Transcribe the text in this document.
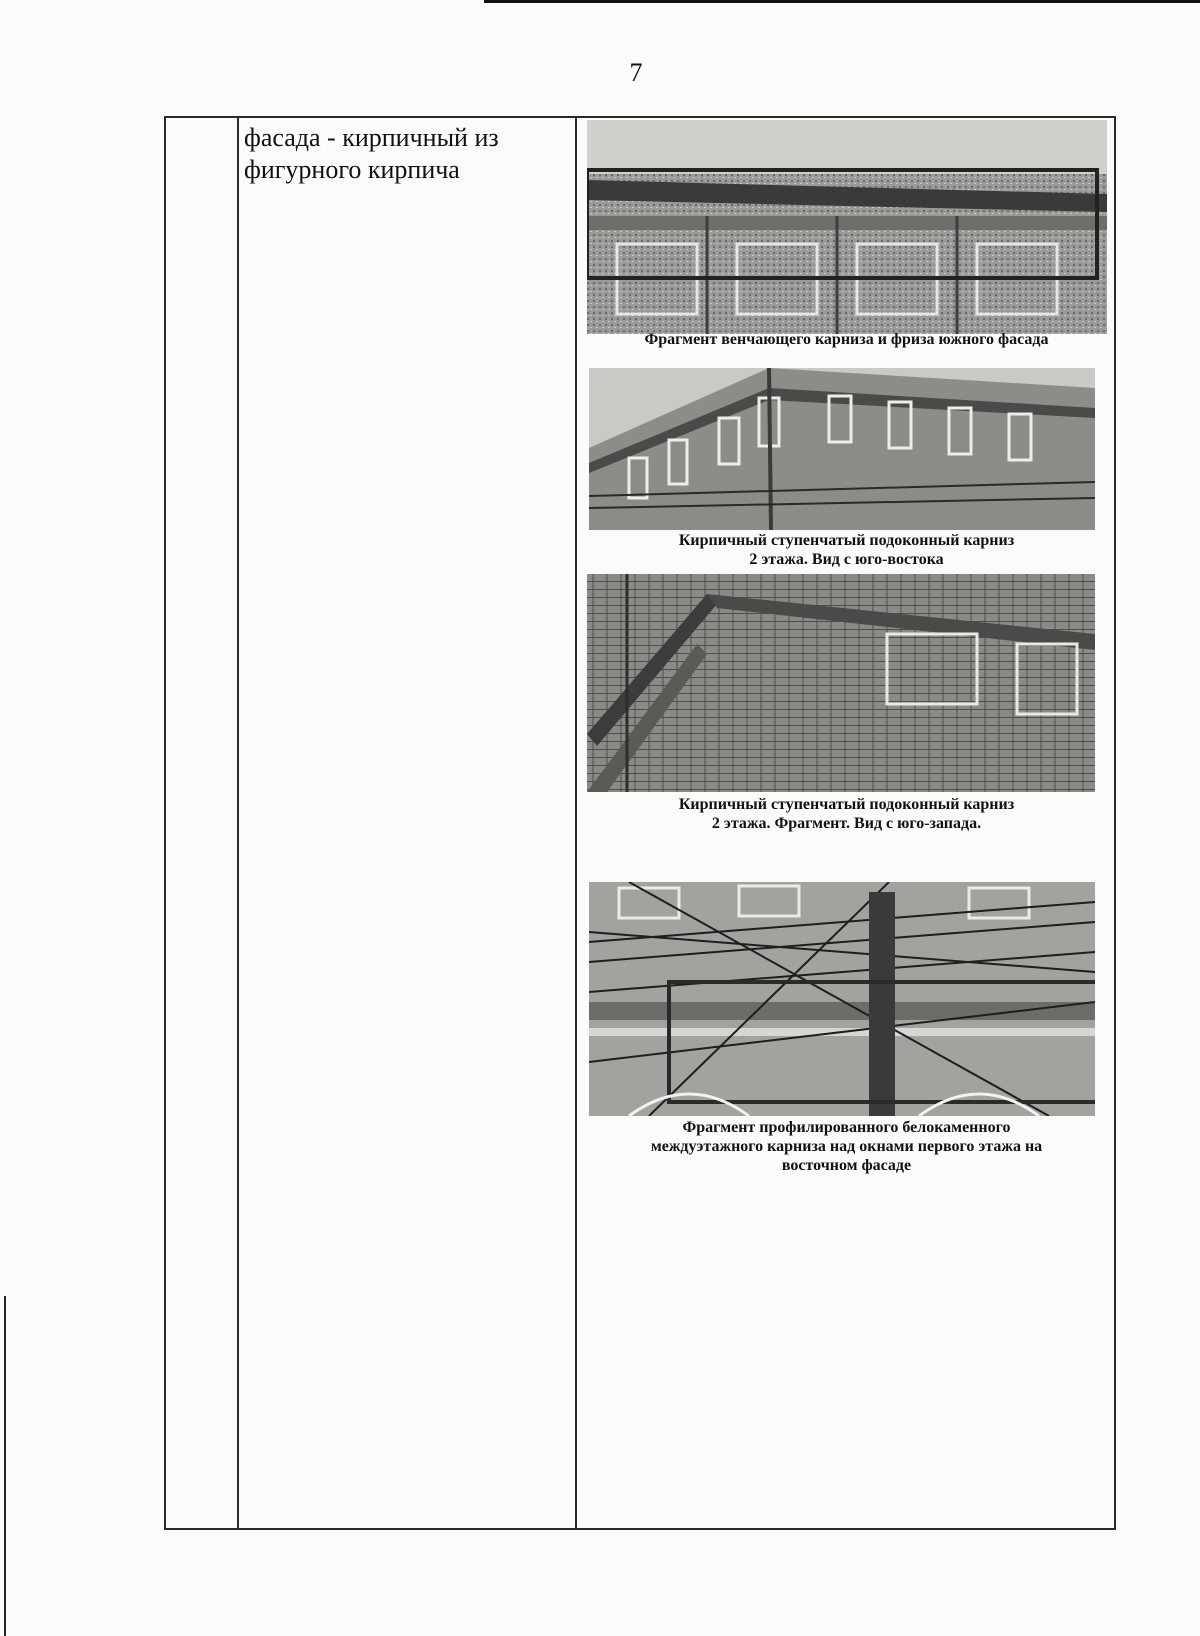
7
фасада - кирпичный из фигурного кирпича
Фрагмент венчающего карниза и фриза южного фасада
Кирпичный ступенчатый подоконный карниз
2 этажа. Вид с юго-востока
Кирпичный ступенчатый подоконный карниз
2 этажа. Фрагмент. Вид с юго-запада.
Фрагмент профилированного белокаменного
междуэтажного карниза над окнами первого этажа на
восточном фасаде
